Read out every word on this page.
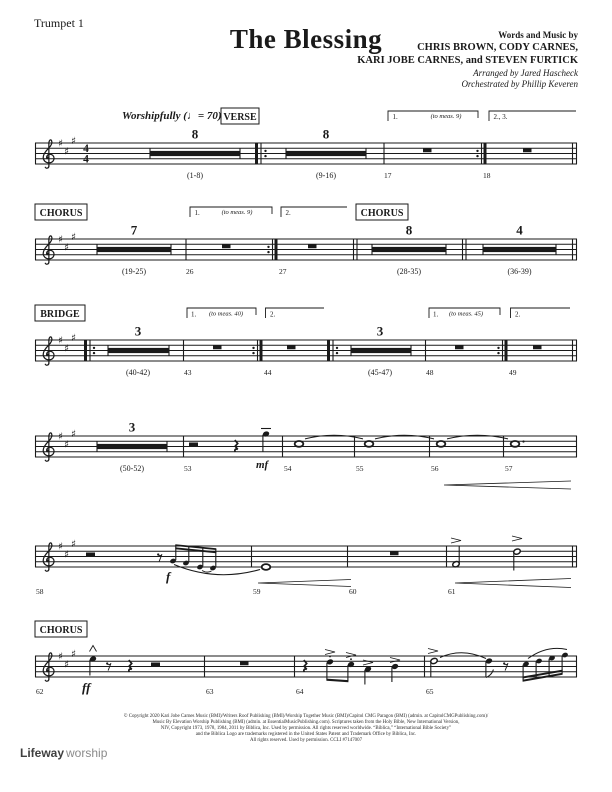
Trumpet 1
The Blessing	Words and Music by
CHRIS BROWN, CODY CARNES,
KARI JOBE CARNES, and STEVEN FURTICK
Arranged by Jared Hascheck
Orchestrated by Phillip Keveren
Worshipfully (♩= 70) VERSE
♯
♯
♯
4
4
8
(1-8)
8
(9-16)
1.	(to meas. 9)
17
2., 3.
18
CHORUS
♯
♯
♯	7
(19-25)
1.	(to meas. 9)
26
2.
27
CHORUS
8
(28-35)
4
(36-39)
BRIDGE
♯
♯
♯	3
(40-42)
1. (to meas. 40)
43
2.
44
3
(45-47)
1. (to meas. 45)
48
2.
49
♯
♯
♯	3
(50-52)	53	mf 54	55	56	57
♯
♯
♯
58
f
59	60	61
CHORUS
♯
♯
♯
62	ff	63	64	65
© Copyright 2020 Kari Jobe Carnes Music (BMI)/Writers Roof Publishing (BMI)/Worship Together Music (BMI)/Capitol CMG Paragon (BMI) (admin. at CapitolCMGPublishing.com)/
Music By Elevation Worship Publishing (BMI) (admin. at EssentialMusicPublishing.com). Scriptures taken from the Holy Bible, New International Version,
NIV, Copyright 1973, 1978, 1984, 2011 by Biblica, Inc. Used by permission. All rights reserved worldwide. “Biblica,” “International Bible Society”
and the Biblica Logo are trademarks registered in the United States Patent and Trademark Office by Biblica, Inc.
All rights reserved. Used by permission. CCLI #7147007
Lifeway worship
